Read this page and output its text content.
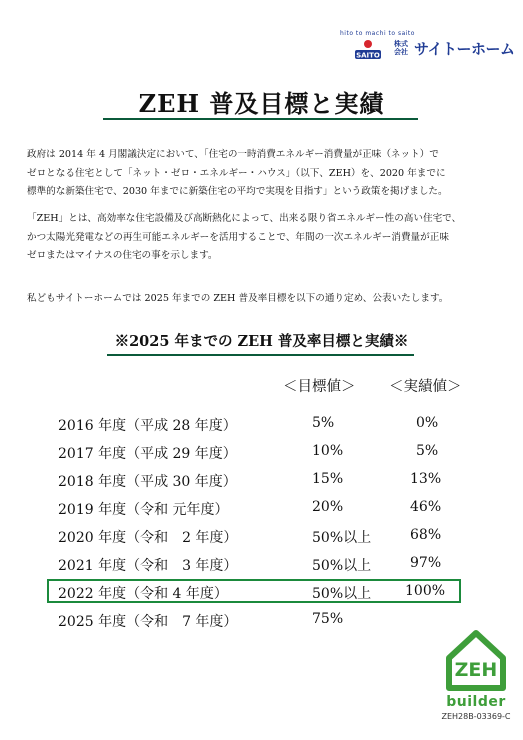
hito to machi to saito
SAITO
株式会社 サイトーホーム
ZEH 普及目標と実績
政府は 2014 年 4 月閣議決定において、「住宅の一時消費エネルギー消費量が正味（ネット）で
ゼロとなる住宅として「ネット・ゼロ・エネルギー・ハウス」（以下、ZEH）を、2020 年までに
標準的な新築住宅で、2030 年までに新築住宅の平均で実現を目指す」という政策を掲げました。
「ZEH」とは、高効率な住宅設備及び高断熱化によって、出来る限り省エネルギー性の高い住宅で、
かつ太陽光発電などの再生可能エネルギーを活用することで、年間の一次エネルギー消費量が正味
ゼロまたはマイナスの住宅の事を示します。
私どもサイトーホームでは 2025 年までの ZEH 普及率目標を以下の通り定め、公表いたします。
※2025 年までの ZEH 普及率目標と実績※
＜目標値＞ ＜実績値＞
2016 年度（平成 28 年度）	5%	0%
2017 年度（平成 29 年度）	10%	5%
2018 年度（平成 30 年度）	15%	13%
2019 年度（令和 元年度）	20%	46%
2020 年度（令和　2 年度）	50%以上	68%
2021 年度（令和　3 年度）	50%以上	97%
2022 年度（令和 4 年度）	50%以上 100%
2025 年度（令和　7 年度）	75%
ZEH
builder
ZEH28B-03369-C
